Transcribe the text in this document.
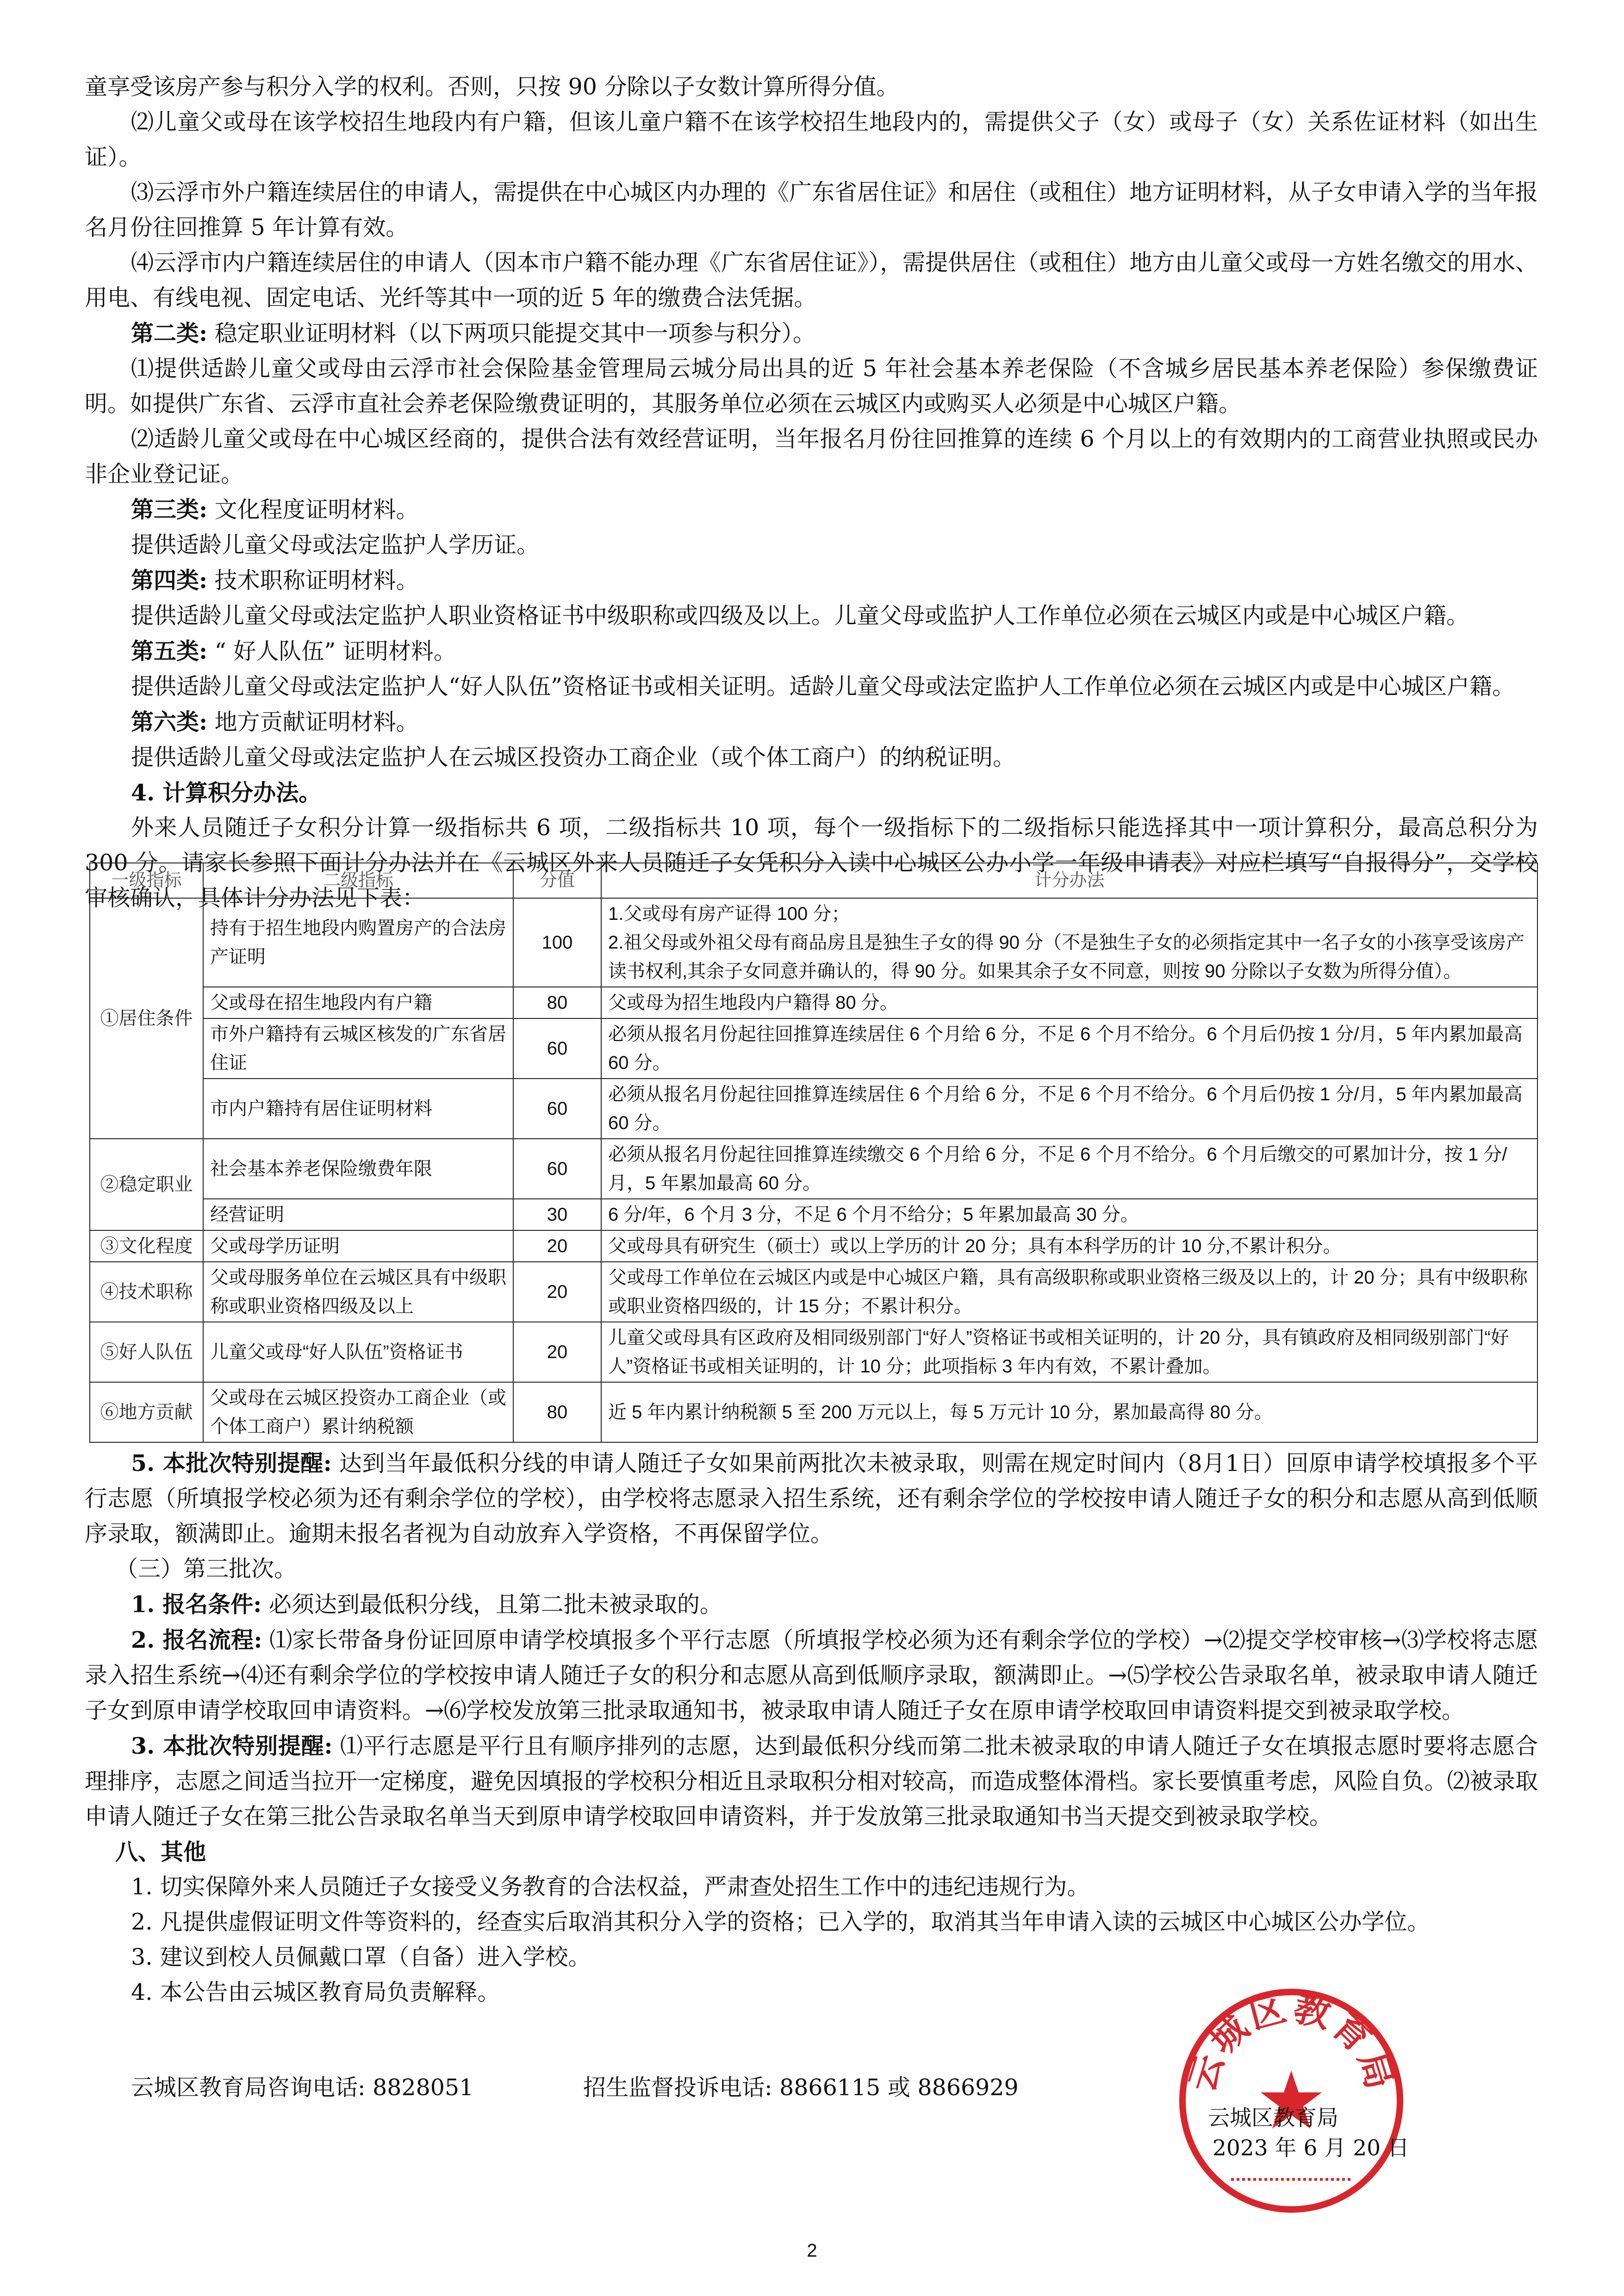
童享受该房产参与积分入学的权利。否则，只按 90 分除以子女数计算所得分值。

⑵儿童父或母在该学校招生地段内有户籍，但该儿童户籍不在该学校招生地段内的，需提供父子（女）或母子（女）关系佐证材料（如出生证）。

⑶云浮市外户籍连续居住的申请人，需提供在中心城区内办理的《广东省居住证》和居住（或租住）地方证明材料，从子女申请入学的当年报名月份往回推算 5 年计算有效。

⑷云浮市内户籍连续居住的申请人（因本市户籍不能办理《广东省居住证》），需提供居住（或租住）地方由儿童父或母一方姓名缴交的用水、用电、有线电视、固定电话、光纤等其中一项的近 5 年的缴费合法凭据。

第二类: 稳定职业证明材料（以下两项只能提交其中一项参与积分）。

⑴提供适龄儿童父或母由云浮市社会保险基金管理局云城分局出具的近 5 年社会基本养老保险（不含城乡居民基本养老保险）参保缴费证明。如提供广东省、云浮市直社会养老保险缴费证明的，其服务单位必须在云城区内或购买人必须是中心城区户籍。

⑵适龄儿童父或母在中心城区经商的，提供合法有效经营证明，当年报名月份往回推算的连续 6 个月以上的有效期内的工商营业执照或民办非企业登记证。

第三类: 文化程度证明材料。

提供适龄儿童父母或法定监护人学历证。

第四类: 技术职称证明材料。

提供适龄儿童父母或法定监护人职业资格证书中级职称或四级及以上。儿童父母或监护人工作单位必须在云城区内或是中心城区户籍。

第五类: “ 好人队伍” 证明材料。

提供适龄儿童父母或法定监护人“好人队伍”资格证书或相关证明。适龄儿童父母或法定监护人工作单位必须在云城区内或是中心城区户籍。

第六类: 地方贡献证明材料。

提供适龄儿童父母或法定监护人在云城区投资办工商企业（或个体工商户）的纳税证明。

4. 计算积分办法。

外来人员随迁子女积分计算一级指标共 6 项，二级指标共 10 项，每个一级指标下的二级指标只能选择其中一项计算积分，最高总积分为 300 分。请家长参照下面计分办法并在《云城区外来人员随迁子女凭积分入读中心城区公办小学一年级申请表》对应栏填写“自报得分”，交学校审核确认，具体计分办法见下表：

一级指标	二级指标	分值	计分办法
①居住条件	持有于招生地段内购置房产的合法房产证明	100	1.父或母有房产证得 100 分；
2.祖父母或外祖父母有商品房且是独生子女的得 90 分（不是独生子女的必须指定其中一名子女的小孩享受该房产读书权利,其余子女同意并确认的，得 90 分。如果其余子女不同意，则按 90 分除以子女数为所得分值）。
	父或母在招生地段内有户籍	80	父或母为招生地段内户籍得 80 分。
	市外户籍持有云城区核发的广东省居住证	60	必须从报名月份起往回推算连续居住 6 个月给 6 分，不足 6 个月不给分。6 个月后仍按 1 分/月，5 年内累加最高 60 分。
	市内户籍持有居住证明材料	60	必须从报名月份起往回推算连续居住 6 个月给 6 分，不足 6 个月不给分。6 个月后仍按 1 分/月，5 年内累加最高 60 分。
②稳定职业	社会基本养老保险缴费年限	60	必须从报名月份起往回推算连续缴交 6 个月给 6 分，不足 6 个月不给分。6 个月后缴交的可累加计分，按 1 分/月，5 年累加最高 60 分。
	经营证明	30	6 分/年，6 个月 3 分，不足 6 个月不给分；5 年累加最高 30 分。
③文化程度	父或母学历证明	20	父或母具有研究生（硕士）或以上学历的计 20 分；具有本科学历的计 10 分,不累计积分。
④技术职称	父或母服务单位在云城区具有中级职称或职业资格四级及以上	20	父或母工作单位在云城区内或是中心城区户籍，具有高级职称或职业资格三级及以上的，计 20 分；具有中级职称或职业资格四级的，计 15 分；不累计积分。
⑤好人队伍	儿童父或母“好人队伍”资格证书	20	儿童父或母具有区政府及相同级别部门“好人”资格证书或相关证明的，计 20 分，具有镇政府及相同级别部门“好人”资格证书或相关证明的，计 10 分；此项指标 3 年内有效，不累计叠加。
⑥地方贡献	父或母在云城区投资办工商企业（或个体工商户）累计纳税额	80	近 5 年内累计纳税额 5 至 200 万元以上，每 5 万元计 10 分，累加最高得 80 分。

5. 本批次特别提醒: 达到当年最低积分线的申请人随迁子女如果前两批次未被录取，则需在规定时间内（8月1日）回原申请学校填报多个平行志愿（所填报学校必须为还有剩余学位的学校），由学校将志愿录入招生系统，还有剩余学位的学校按申请人随迁子女的积分和志愿从高到低顺序录取，额满即止。逾期未报名者视为自动放弃入学资格，不再保留学位。

（三）第三批次。

1. 报名条件: 必须达到最低积分线，且第二批未被录取的。

2. 报名流程: ⑴家长带备身份证回原申请学校填报多个平行志愿（所填报学校必须为还有剩余学位的学校）→⑵提交学校审核→⑶学校将志愿录入招生系统→⑷还有剩余学位的学校按申请人随迁子女的积分和志愿从高到低顺序录取，额满即止。→⑸学校公告录取名单，被录取申请人随迁子女到原申请学校取回申请资料。→⑹学校发放第三批录取通知书，被录取申请人随迁子女在原申请学校取回申请资料提交到被录取学校。

3. 本批次特别提醒: ⑴平行志愿是平行且有顺序排列的志愿，达到最低积分线而第二批未被录取的申请人随迁子女在填报志愿时要将志愿合理排序，志愿之间适当拉开一定梯度，避免因填报的学校积分相近且录取积分相对较高，而造成整体滑档。家长要慎重考虑，风险自负。⑵被录取申请人随迁子女在第三批公告录取名单当天到原申请学校取回申请资料，并于发放第三批录取通知书当天提交到被录取学校。

八、其他

1. 切实保障外来人员随迁子女接受义务教育的合法权益，严肃查处招生工作中的违纪违规行为。

2. 凡提供虚假证明文件等资料的，经查实后取消其积分入学的资格；已入学的，取消其当年申请入读的云城区中心城区公办学位。

3. 建议到校人员佩戴口罩（自备）进入学校。

4. 本公告由云城区教育局负责解释。

云城区教育局咨询电话: 8828051	招生监督投诉电话: 8866115 或 8866929	云城区教育局
云城区教育局
2023 年 6 月 20 日
2
